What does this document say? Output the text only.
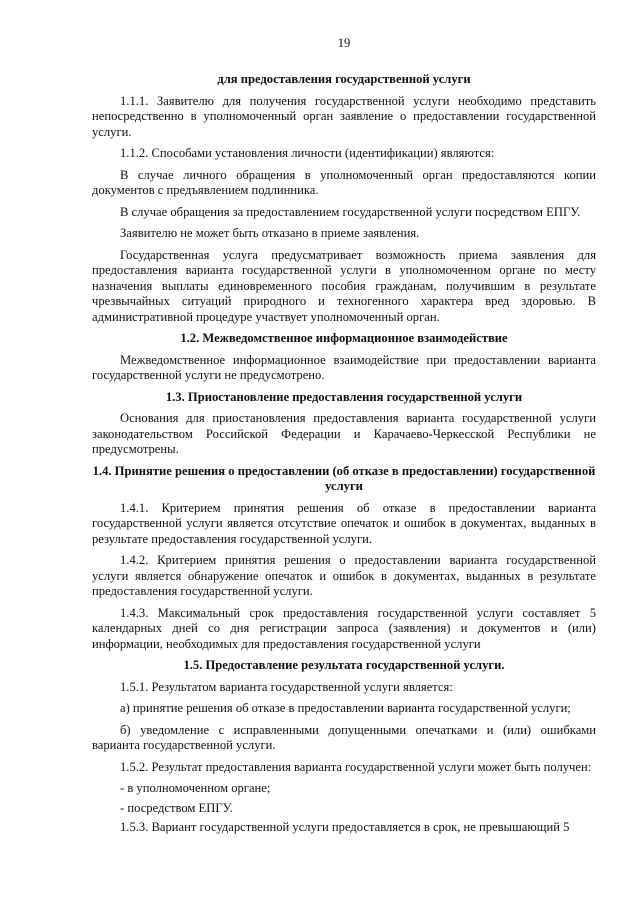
19
для предоставления государственной услуги

1.1.1. Заявителю для получения государственной услуги необходимо представить непосредственно в уполномоченный орган заявление о предоставлении государственной услуги.

1.1.2. Способами установления личности (идентификации) являются:

В случае личного обращения в уполномоченный орган предоставляются копии документов с предъявлением подлинника.

В случае обращения за предоставлением государственной услуги посредством ЕПГУ.

Заявителю не может быть отказано в приеме заявления.

Государственная услуга предусматривает возможность приема заявления для предоставления варианта государственной услуги в уполномоченном органе по месту назначения выплаты единовременного пособия гражданам, получившим в результате чрезвычайных ситуаций природного и техногенного характера вред здоровью. В административной процедуре участвует уполномоченный орган.

1.2. Межведомственное информационное взаимодействие

Межведомственное информационное взаимодействие при предоставлении варианта государственной услуги не предусмотрено.

1.3. Приостановление предоставления государственной услуги

Основания для приостановления предоставления варианта государственной услуги законодательством Российской Федерации и Карачаево-Черкесской Республики не предусмотрены.

1.4. Принятие решения о предоставлении (об отказе в предоставлении) государственной услуги

1.4.1. Критерием принятия решения об отказе в предоставлении варианта государственной услуги является отсутствие опечаток и ошибок в документах, выданных в результате предоставления государственной услуги.

1.4.2. Критерием принятия решения о предоставлении варианта государственной услуги является обнаружение опечаток и ошибок в документах, выданных в результате предоставления государственной услуги.

1.4.3. Максимальный срок предоставления государственной услуги составляет 5 календарных дней со дня регистрации запроса (заявления) и документов и (или) информации, необходимых для предоставления государственной услуги

1.5. Предоставление результата государственной услуги.

1.5.1. Результатом варианта государственной услуги является:

а) принятие решения об отказе в предоставлении варианта государственной услуги;

б) уведомление с исправленными допущенными опечатками и (или) ошибками варианта государственной услуги.

1.5.2. Результат предоставления варианта государственной услуги может быть получен:

- в уполномоченном органе;

- посредством ЕПГУ.

1.5.3. Вариант государственной услуги предоставляется в срок, не превышающий 5
